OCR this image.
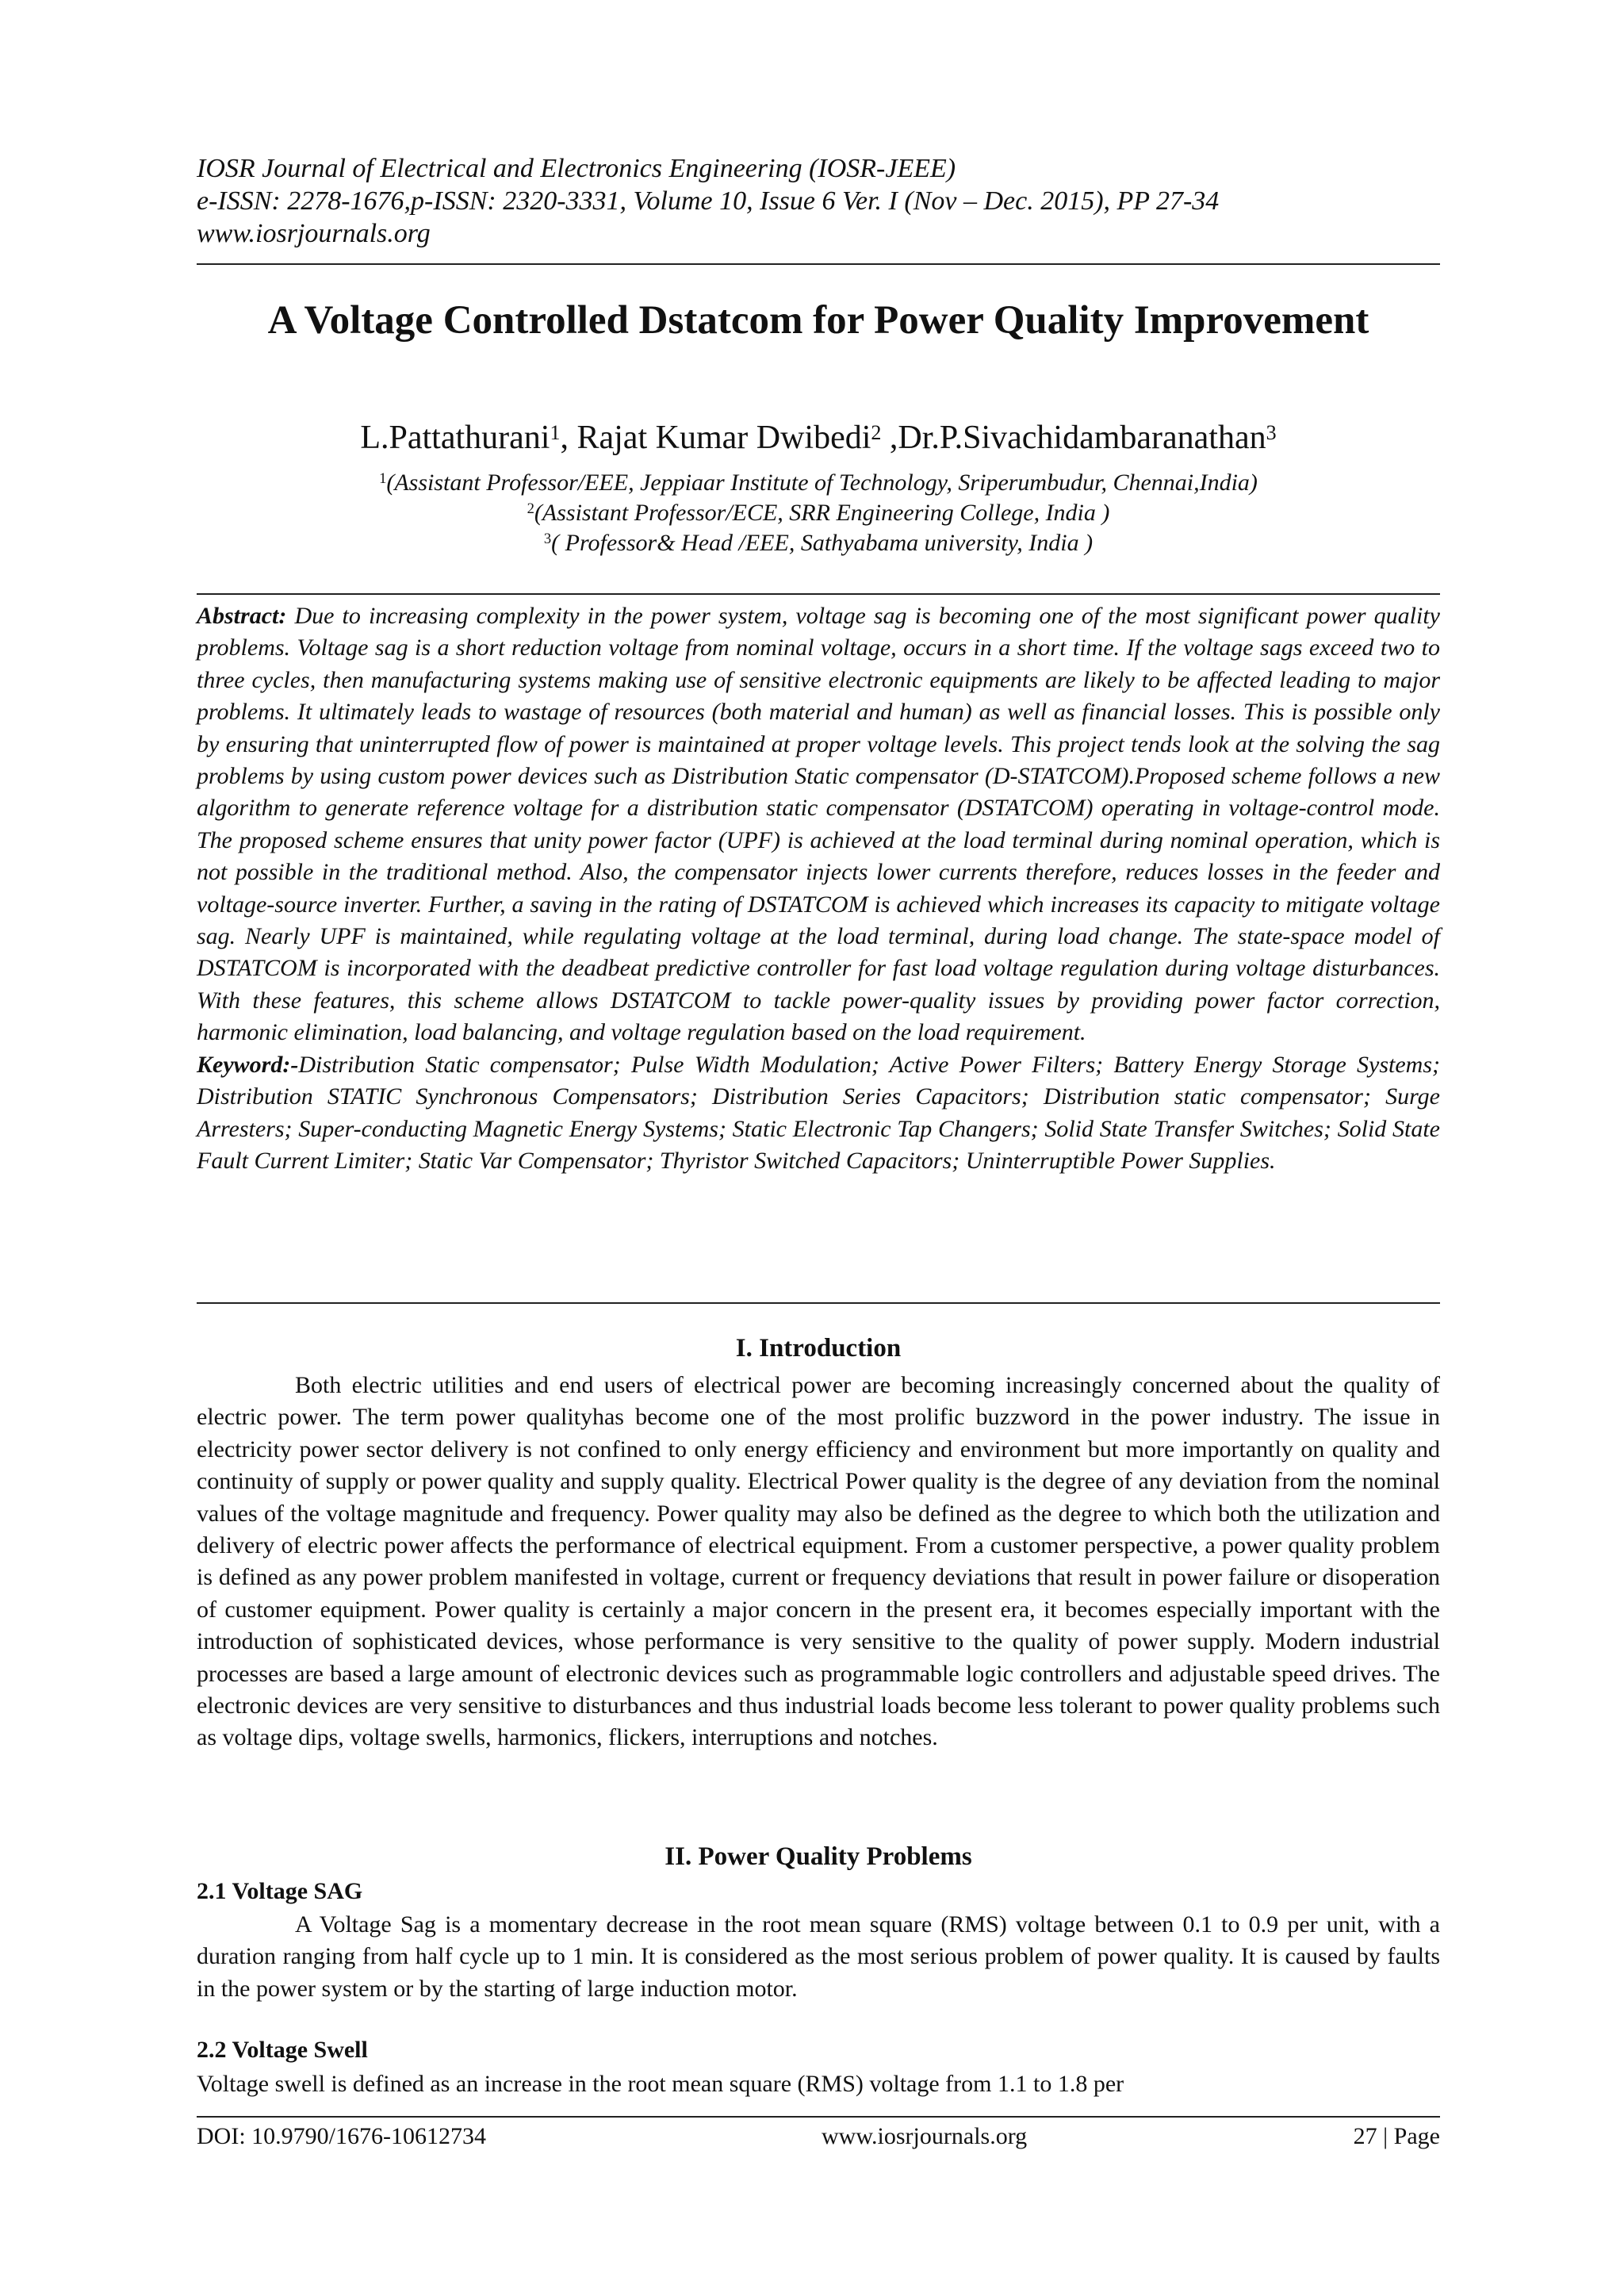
IOSR Journal of Electrical and Electronics Engineering (IOSR-JEEE)
e-ISSN: 2278-1676,p-ISSN: 2320-3331, Volume 10, Issue 6 Ver. I (Nov – Dec. 2015), PP 27-34
www.iosrjournals.org
A Voltage Controlled Dstatcom for Power Quality Improvement
L.Pattathurani$^1$, Rajat Kumar Dwibedi$^2$ ,Dr.P.Sivachidambaranathan$^3$
$^1$(Assistant Professor/EEE, Jeppiaar Institute of Technology, Sriperumbudur, Chennai,India)
$^2$(Assistant Professor/ECE, SRR Engineering College, India )
$^3$( Professor& Head /EEE, Sathyabama university, India )

Abstract: Due to increasing complexity in the power system, voltage sag is becoming one of the most significant power quality problems. Voltage sag is a short reduction voltage from nominal voltage, occurs in a short time. If the voltage sags exceed two to three cycles, then manufacturing systems making use of sensitive electronic equipments are likely to be affected leading to major problems. It ultimately leads to wastage of resources (both material and human) as well as financial losses. This is possible only by ensuring that uninterrupted flow of power is maintained at proper voltage levels. This project tends look at the solving the sag problems by using custom power devices such as Distribution Static compensator (D-STATCOM).Proposed scheme follows a new algorithm to generate reference voltage for a distribution static compensator (DSTATCOM) operating in voltage-control mode. The proposed scheme ensures that unity power factor (UPF) is achieved at the load terminal during nominal operation, which is not possible in the traditional method. Also, the compensator injects lower currents therefore, reduces losses in the feeder and voltage-source inverter. Further, a saving in the rating of DSTATCOM is achieved which increases its capacity to mitigate voltage sag. Nearly UPF is maintained, while regulating voltage at the load terminal, during load change. The state-space model of DSTATCOM is incorporated with the deadbeat predictive controller for fast load voltage regulation during voltage disturbances. With these features, this scheme allows DSTATCOM to tackle power-quality issues by providing power factor correction, harmonic elimination, load balancing, and voltage regulation based on the load requirement.

Keyword:-Distribution Static compensator; Pulse Width Modulation; Active Power Filters; Battery Energy Storage Systems; Distribution STATIC Synchronous Compensators; Distribution Series Capacitors; Distribution static compensator; Surge Arresters; Super-conducting Magnetic Energy Systems; Static Electronic Tap Changers; Solid State Transfer Switches; Solid State Fault Current Limiter; Static Var Compensator; Thyristor Switched Capacitors; Uninterruptible Power Supplies.

I. Introduction

Both electric utilities and end users of electrical power are becoming increasingly concerned about the quality of electric power. The term power qualityhas become one of the most prolific buzzword in the power industry. The issue in electricity power sector delivery is not confined to only energy efficiency and environment but more importantly on quality and continuity of supply or power quality and supply quality. Electrical Power quality is the degree of any deviation from the nominal values of the voltage magnitude and frequency. Power quality may also be defined as the degree to which both the utilization and delivery of electric power affects the performance of electrical equipment. From a customer perspective, a power quality problem is defined as any power problem manifested in voltage, current or frequency deviations that result in power failure or disoperation of customer equipment. Power quality is certainly a major concern in the present era, it becomes especially important with the introduction of sophisticated devices, whose performance is very sensitive to the quality of power supply. Modern industrial processes are based a large amount of electronic devices such as programmable logic controllers and adjustable speed drives. The electronic devices are very sensitive to disturbances and thus industrial loads become less tolerant to power quality problems such as voltage dips, voltage swells, harmonics, flickers, interruptions and notches.

II. Power Quality Problems
2.1 Voltage SAG

A Voltage Sag is a momentary decrease in the root mean square (RMS) voltage between 0.1 to 0.9 per unit, with a duration ranging from half cycle up to 1 min. It is considered as the most serious problem of power quality. It is caused by faults in the power system or by the starting of large induction motor.

2.2 Voltage Swell

Voltage swell is defined as an increase in the root mean square (RMS) voltage from 1.1 to 1.8 per

DOI: 10.9790/1676-10612734	www.iosrjournals.org	27 | Page
